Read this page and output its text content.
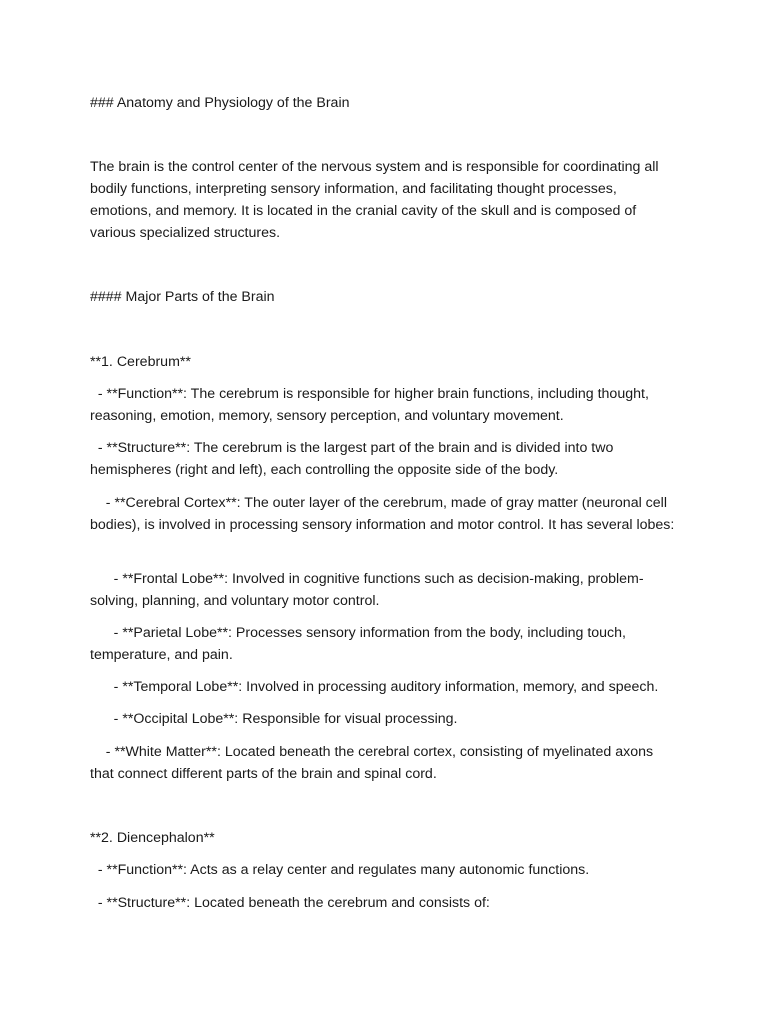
### Anatomy and Physiology of the Brain

The brain is the control center of the nervous system and is responsible for coordinating all bodily functions, interpreting sensory information, and facilitating thought processes, emotions, and memory. It is located in the cranial cavity of the skull and is composed of various specialized structures.

#### Major Parts of the Brain

**1. Cerebrum**

- **Function**: The cerebrum is responsible for higher brain functions, including thought, reasoning, emotion, memory, sensory perception, and voluntary movement.

- **Structure**: The cerebrum is the largest part of the brain and is divided into two hemispheres (right and left), each controlling the opposite side of the body.

- **Cerebral Cortex**: The outer layer of the cerebrum, made of gray matter (neuronal cell bodies), is involved in processing sensory information and motor control. It has several lobes:

- **Frontal Lobe**: Involved in cognitive functions such as decision-making, problem-solving, planning, and voluntary motor control.

- **Parietal Lobe**: Processes sensory information from the body, including touch, temperature, and pain.

- **Temporal Lobe**: Involved in processing auditory information, memory, and speech.

- **Occipital Lobe**: Responsible for visual processing.

- **White Matter**: Located beneath the cerebral cortex, consisting of myelinated axons that connect different parts of the brain and spinal cord.

**2. Diencephalon**

- **Function**: Acts as a relay center and regulates many autonomic functions.

- **Structure**: Located beneath the cerebrum and consists of:
